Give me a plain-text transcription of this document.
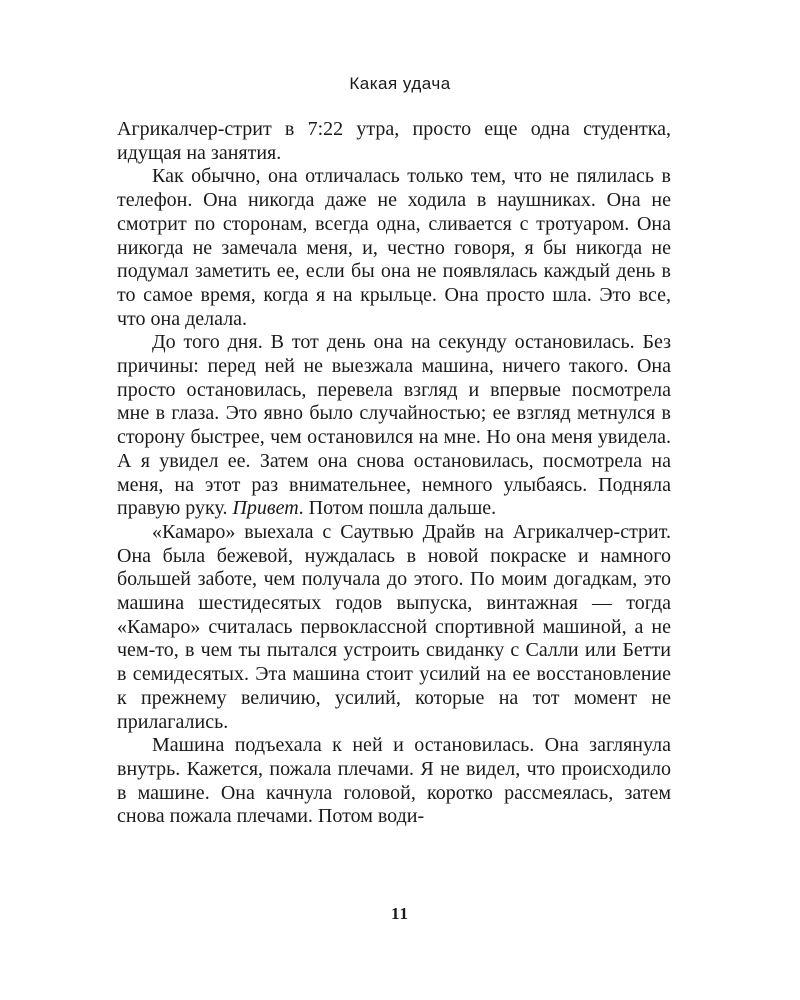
Какая удача

Агрикалчер-стрит в 7:22 утра, просто еще одна студентка, идущая на занятия.

Как обычно, она отличалась только тем, что не пялилась в телефон. Она никогда даже не ходила в наушниках. Она не смотрит по сторонам, всегда одна, сливается с тротуаром. Она никогда не замечала меня, и, честно говоря, я бы никогда не подумал заметить ее, если бы она не появлялась каждый день в то самое время, когда я на крыльце. Она просто шла. Это все, что она делала.

До того дня. В тот день она на секунду остановилась. Без причины: перед ней не выезжала машина, ничего такого. Она просто остановилась, перевела взгляд и впервые посмотрела мне в глаза. Это явно было случайностью; ее взгляд метнулся в сторону быстрее, чем остановился на мне. Но она меня увидела. А я увидел ее. Затем она снова остановилась, посмотрела на меня, на этот раз внимательнее, немного улыбаясь. Подняла правую руку. Привет. Потом пошла дальше.

«Камаро» выехала с Саутвью Драйв на Агрикалчер-стрит. Она была бежевой, нуждалась в новой покраске и намного большей заботе, чем получала до этого. По моим догадкам, это машина шестидесятых годов выпуска, винтажная — тогда «Камаро» считалась первоклассной спортивной машиной, а не чем-то, в чем ты пытался устроить свиданку с Салли или Бетти в семидесятых. Эта машина стоит усилий на ее восстановление к прежнему величию, усилий, которые на тот момент не прилагались.

Машина подъехала к ней и остановилась. Она заглянула внутрь. Кажется, пожала плечами. Я не видел, что происходило в машине. Она качнула головой, коротко рассмеялась, затем снова пожала плечами. Потом води-

11
